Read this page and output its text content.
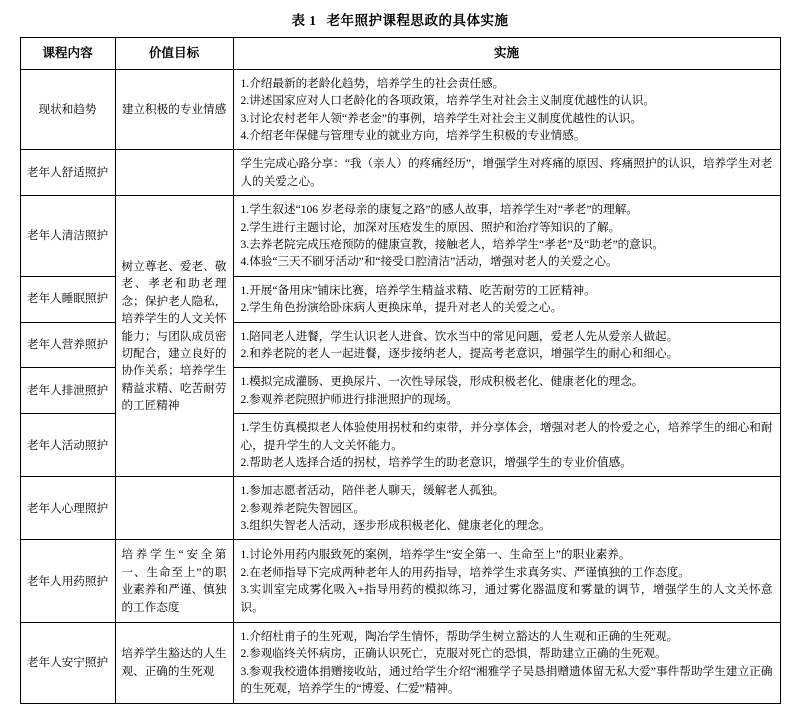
表 1 老年照护课程思政的具体实施
课程内容	价值目标	实施
现状和趋势	建立积极的专业情感	1.介绍最新的老龄化趋势，培养学生的社会责任感。
2.讲述国家应对人口老龄化的各项政策，培养学生对社会主义制度优越性的认识。
3.讨论农村老年人领“养老金”的事例，培养学生对社会主义制度优越性的认识。
4.介绍老年保健与管理专业的就业方向，培养学生积极的专业情感。

老年人舒适照护		学生完成心路分享：“我（亲人）的疼痛经历”，增强学生对疼痛的原因、疼痛照护的认识，培养学生对老人的关爱之心。

老年人清洁照护	树立尊老、爱老、敬老、孝老和助老理念；保护老人隐私，培养学生的人文关怀能力；与团队成员密切配合，建立良好的协作关系；培养学生精益求精、吃苦耐劳的工匠精神	1.学生叙述“106 岁老母亲的康复之路”的感人故事，培养学生对“孝老”的理解。
2.学生进行主题讨论，加深对压疮发生的原因、照护和治疗等知识的了解。
3.去养老院完成压疮预防的健康宣教，接触老人，培养学生“孝老”及“助老”的意识。
4.体验“三天不刷牙活动”和“接受口腔清洁”活动，增强对老人的关爱之心。

老年人睡眠照护		1.开展“备用床”铺床比赛，培养学生精益求精、吃苦耐劳的工匠精神。
2.学生角色扮演给卧床病人更换床单，提升对老人的关爱之心。

老年人营养照护		1.陪同老人进餐，学生认识老人进食、饮水当中的常见问题，爱老人先从爱亲人做起。
2.和养老院的老人一起进餐，逐步接纳老人，提高考老意识，增强学生的耐心和细心。

老年人排泄照护		1.模拟完成灌肠、更换尿片、一次性导尿袋，形成积极老化、健康老化的理念。
2.参观养老院照护师进行排泄照护的现场。

老年人活动照护		1.学生仿真模拟老人体验使用拐杖和约束带，并分享体会，增强对老人的怜爱之心，培养学生的细心和耐心，提升学生的人文关怀能力。
2.帮助老人选择合适的拐杖，培养学生的助老意识，增强学生的专业价值感。

老年人心理照护		1.参加志愿者活动，陪伴老人聊天，缓解老人孤独。
2.参观养老院失智园区。
3.组织失智老人活动，逐步形成积极老化、健康老化的理念。

老年人用药照护	培养学生“安全第一、生命至上”的职业素养和严谨、慎独的工作态度	1.讨论外用药内服致死的案例，培养学生“安全第一、生命至上”的职业素养。
2.在老师指导下完成两种老年人的用药指导，培养学生求真务实、严谨慎独的工作态度。
3.实训室完成雾化吸入+指导用药的模拟练习，通过雾化器温度和雾量的调节，增强学生的人文关怀意识。

老年人安宁照护	培养学生豁达的人生观、正确的生死观	1.介绍杜甫子的生死观，陶冶学生情怀，帮助学生树立豁达的人生观和正确的生死观。
2.参观临终关怀病房，正确认识死亡，克服对死亡的恐惧，帮助建立正确的生死观。
3.参观我校遗体捐赠接收站，通过给学生介绍“湘雅学子吴恳捐赠遗体留无私大爱”事件帮助学生建立正确的生死观，培养学生的“博爱、仁爱”精神。
